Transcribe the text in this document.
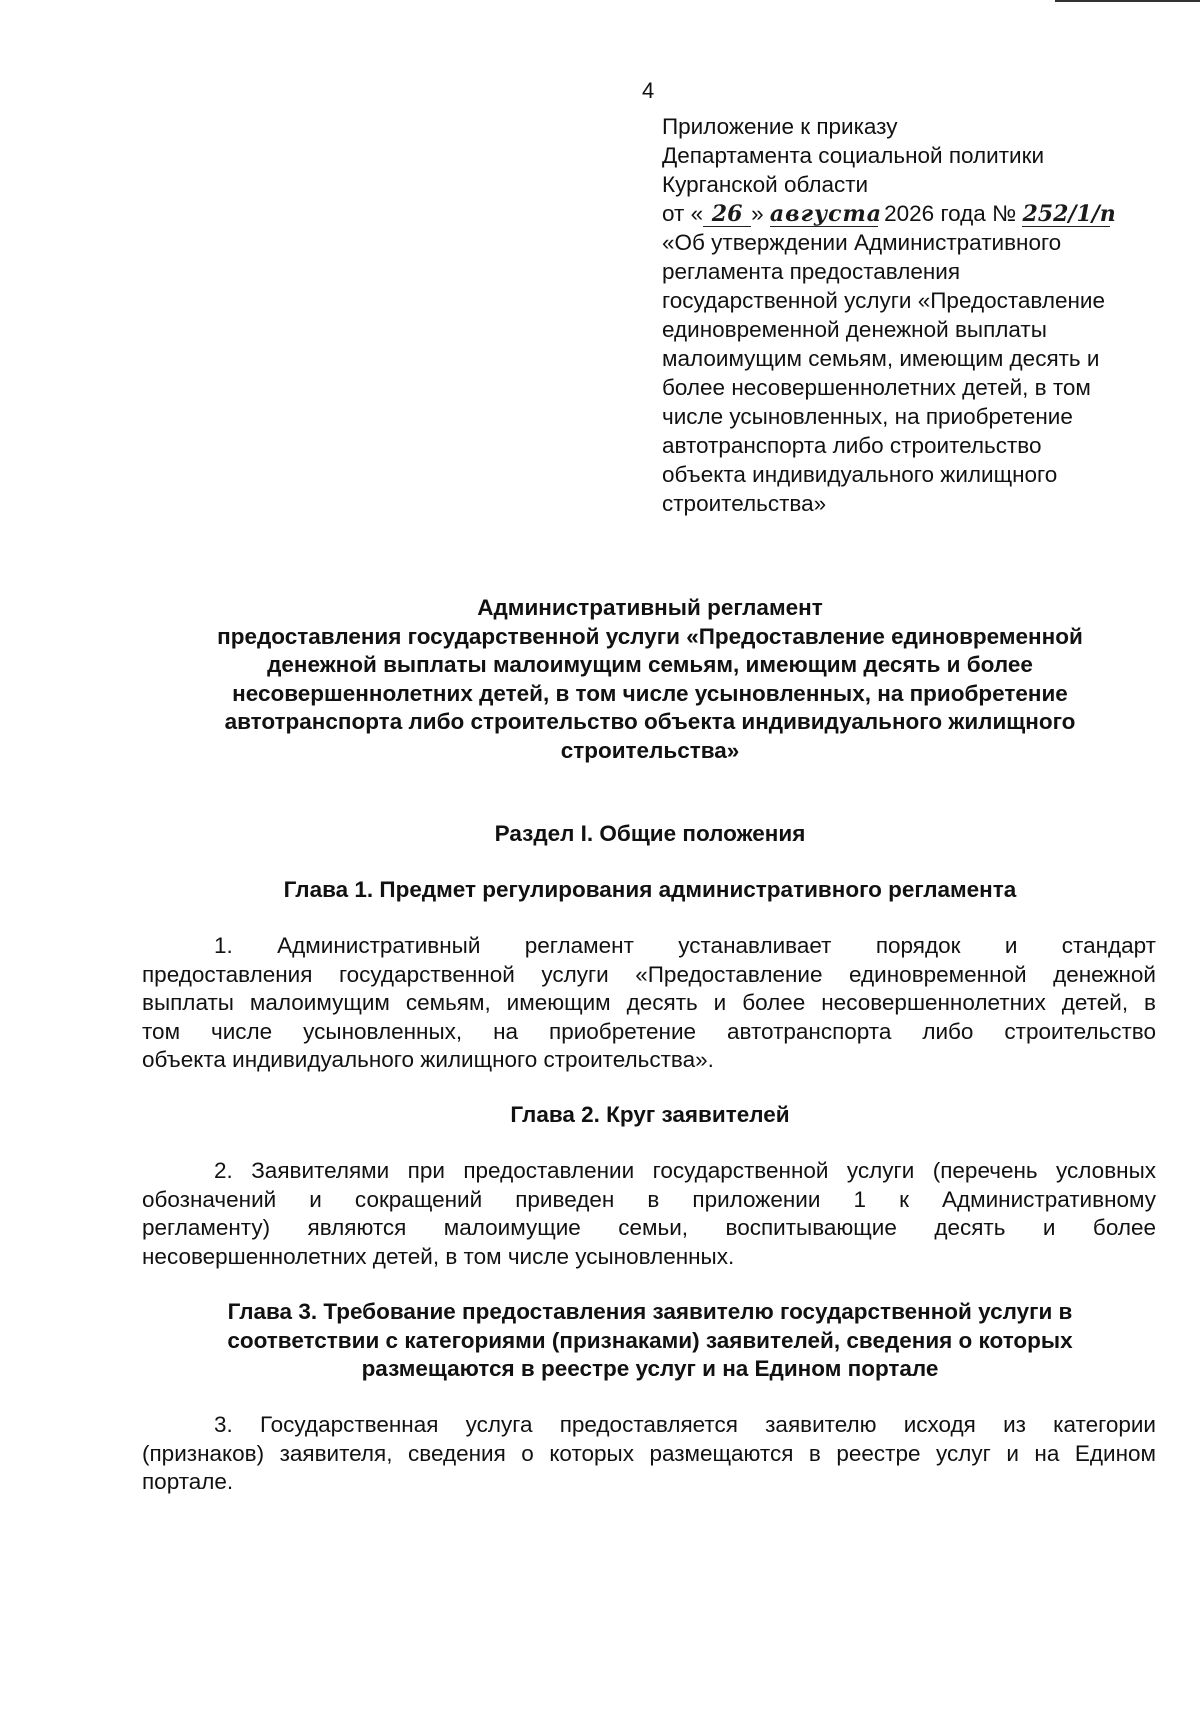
4
Приложение к приказу
Департамента социальной политики
Курганской области
от « 26 » августа 2026 года № 252/1/п
«Об утверждении Административного
регламента предоставления
государственной услуги «Предоставление
единовременной денежной выплаты
малоимущим семьям, имеющим десять и
более несовершеннолетних детей, в том
числе усыновленных, на приобретение
автотранспорта либо строительство
объекта индивидуального жилищного
строительства»
Административный регламент
предоставления государственной услуги «Предоставление единовременной
денежной выплаты малоимущим семьям, имеющим десять и более
несовершеннолетних детей, в том числе усыновленных, на приобретение
автотранспорта либо строительство объекта индивидуального жилищного
строительства»
Раздел I. Общие положения
Глава 1. Предмет регулирования административного регламента
1. Административный регламент устанавливает порядок и стандарт
предоставления государственной услуги «Предоставление единовременной денежной
выплаты малоимущим семьям, имеющим десять и более несовершеннолетних детей, в
том числе усыновленных, на приобретение автотранспорта либо строительство
объекта индивидуального жилищного строительства».
Глава 2. Круг заявителей
2. Заявителями при предоставлении государственной услуги (перечень условных
обозначений и сокращений приведен в приложении 1 к Административному
регламенту) являются малоимущие семьи, воспитывающие десять и более
несовершеннолетних детей, в том числе усыновленных.
Глава 3. Требование предоставления заявителю государственной услуги в
соответствии с категориями (признаками) заявителей, сведения о которых
размещаются в реестре услуг и на Едином портале
3. Государственная услуга предоставляется заявителю исходя из категории
(признаков) заявителя, сведения о которых размещаются в реестре услуг и на Едином
портале.
